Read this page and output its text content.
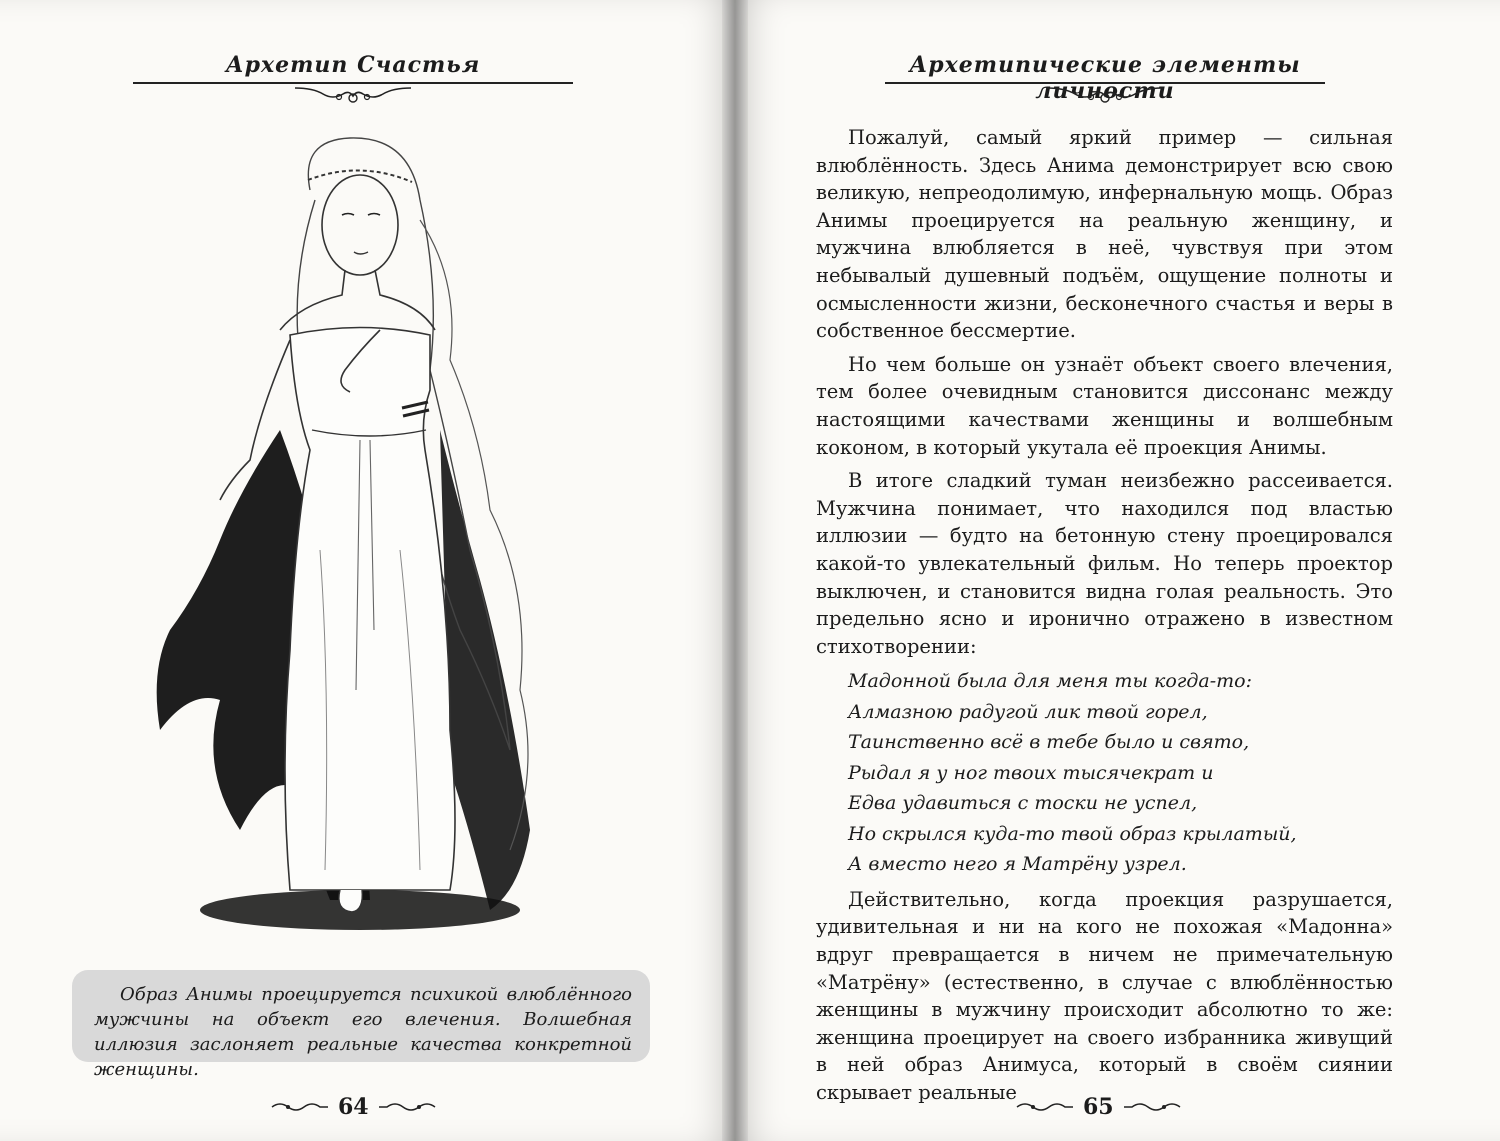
Архетип Счастья
Образ Анимы проецируется психикой влюблённого мужчины на объект его влечения. Волшебная иллюзия заслоняет реальные качества конкретной женщины.
64
Архетипические элементы личности

Пожалуй, самый яркий пример — сильная влюблённость. Здесь Анима демонстрирует всю свою великую, непреодолимую, инфернальную мощь. Образ Анимы проецируется на реальную женщину, и мужчина влюбляется в неё, чувствуя при этом небывалый душевный подъём, ощущение полноты и осмысленности жизни, бесконечного счастья и веры в собственное бессмертие.

Но чем больше он узнаёт объект своего влечения, тем более очевидным становится диссонанс между настоящими качествами женщины и волшебным коконом, в который укутала её проекция Анимы.

В итоге сладкий туман неизбежно рассеивается. Мужчина понимает, что находился под властью иллюзии — будто на бетонную стену проецировался какой-то увлекательный фильм. Но теперь проектор выключен, и становится видна голая реальность. Это предельно ясно и иронично отражено в известном стихотворении:

Мадонной была для меня ты когда-то:
Алмазною радугой лик твой горел,
Таинственно всё в тебе было и свято,
Рыдал я у ног твоих тысячекрат и
Едва удавиться с тоски не успел,
Но скрылся куда-то твой образ крылатый,
А вместо него я Матрёну узрел.

Действительно, когда проекция разрушается, удивительная и ни на кого не похожая «Мадонна» вдруг превращается в ничем не примечательную «Матрёну» (естественно, в случае с влюблённостью женщины в мужчину происходит абсолютно то же: женщина проецирует на своего избранника живущий в ней образ Анимуса, который в своём сиянии скрывает реальные

65
